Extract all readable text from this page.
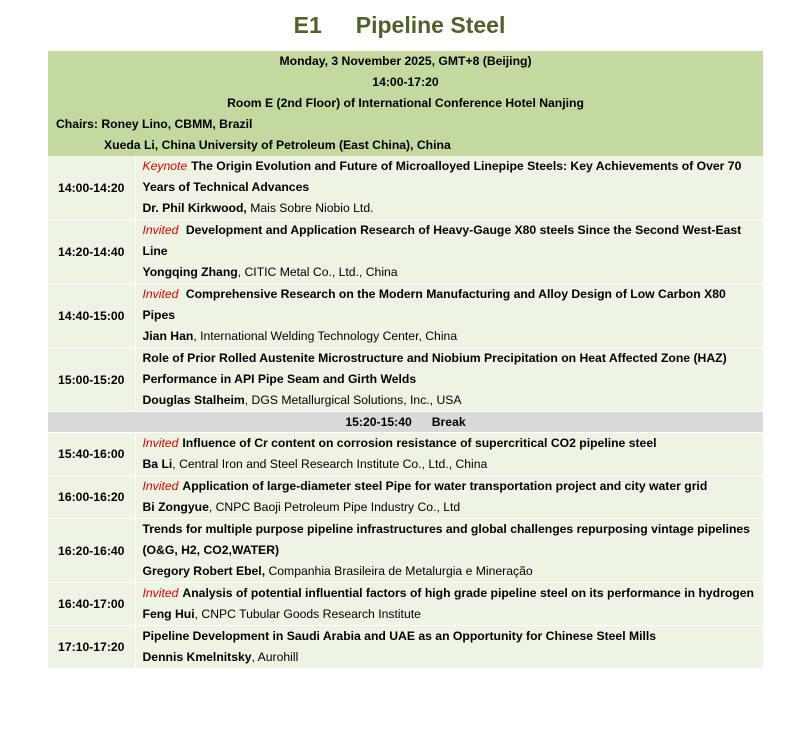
E1 Pipeline Steel
Monday, 3 November 2025, GMT+8 (Beijing)	
14:00-17:20	
Room E (2nd Floor) of International Conference Hotel Nanjing	
Chairs: Roney Lino, CBMM, Brazil	
Xueda Li, China University of Petroleum (East China), China	
14:00-14:20	Keynote The Origin Evolution and Future of Microalloyed Linepipe Steels: Key Achievements of Over 70 Years of Technical Advances
Dr. Phil Kirkwood, Mais Sobre Niobio Ltd.

14:20-14:40	Invited Development and Application Research of Heavy-Gauge X80 steels Since the Second West-East Line
Yongqing Zhang, CITIC Metal Co., Ltd., China

14:40-15:00	Invited Comprehensive Research on the Modern Manufacturing and Alloy Design of Low Carbon X80 Pipes
Jian Han, International Welding Technology Center, China

15:00-15:20	Role of Prior Rolled Austenite Microstructure and Niobium Precipitation on Heat Affected Zone (HAZ) Performance in API Pipe Seam and Girth Welds
Douglas Stalheim, DGS Metallurgical Solutions, Inc., USA

15:20-15:40 Break	
15:40-16:00	Invited Influence of Cr content on corrosion resistance of supercritical CO2 pipeline steel
Ba Li, Central Iron and Steel Research Institute Co., Ltd., China

16:00-16:20	Invited Application of large-diameter steel Pipe for water transportation project and city water grid
Bi Zongyue, CNPC Baoji Petroleum Pipe Industry Co., Ltd

16:20-16:40	Trends for multiple purpose pipeline infrastructures and global challenges repurposing vintage pipelines (O&G, H2, CO2,WATER)
Gregory Robert Ebel, Companhia Brasileira de Metalurgia e Mineração

16:40-17:00	Invited Analysis of potential influential factors of high grade pipeline steel on its performance in hydrogen
Feng Hui, CNPC Tubular Goods Research Institute

17:10-17:20	Pipeline Development in Saudi Arabia and UAE as an Opportunity for Chinese Steel Mills
Dennis Kmelnitsky, Aurohill
